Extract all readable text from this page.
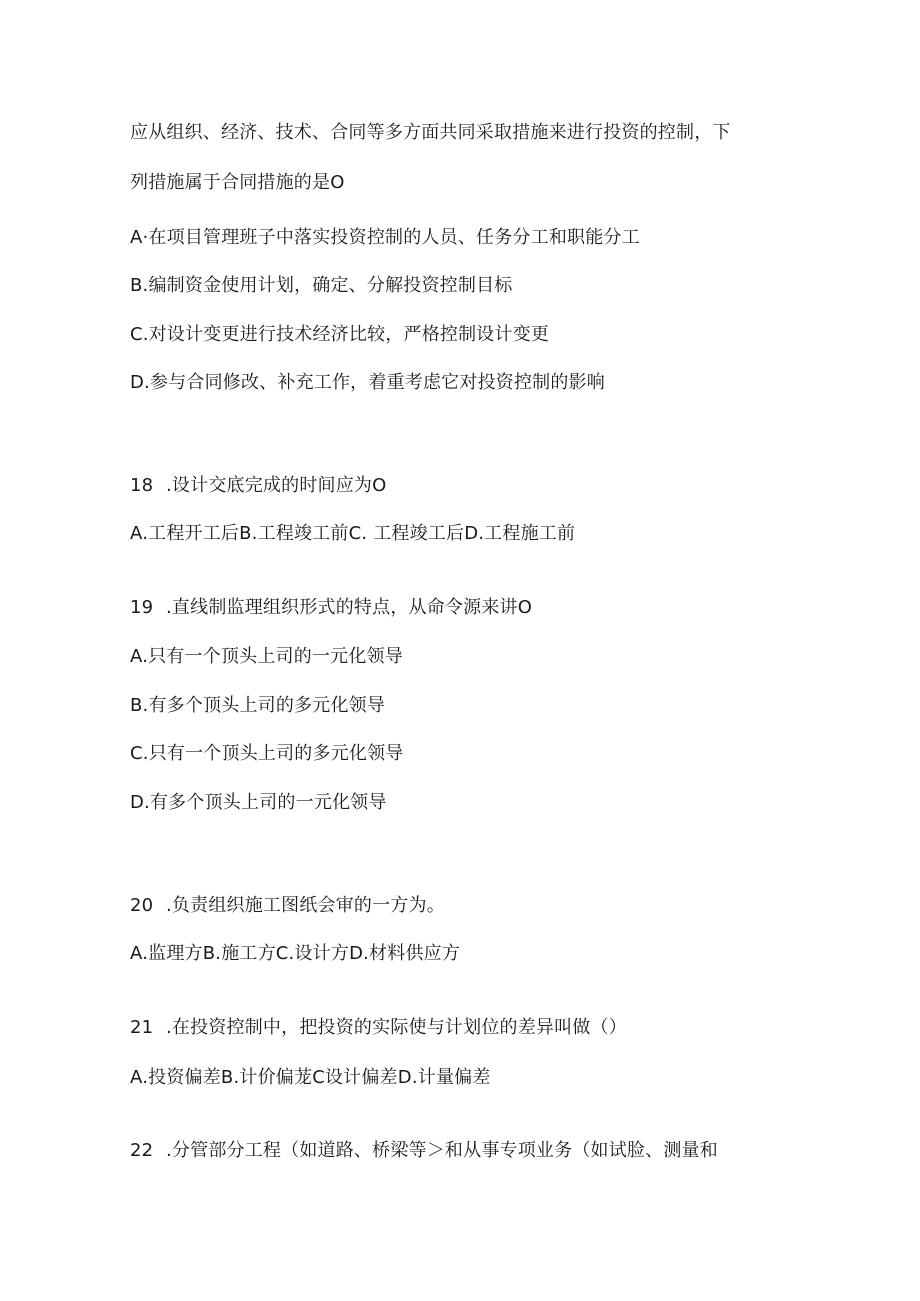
应从组织、经济、技术、合同等多方面共同采取措施来进行投资的控制，下
列措施属于合同措施的是O
A·在项目管理班子中落实投资控制的人员、任务分工和职能分工
B.编制资金使用计划，确定、分解投资控制目标
C.对设计变更进行技术经济比较，严格控制设计变更
D.参与合同修改、补充工作，着重考虑它对投资控制的影响
18 .设计交底完成的时间应为O
A.工程开工后B.工程竣工前C. 工程竣工后D.工程施工前
19 .直线制监理组织形式的特点，从命令源来讲O
A.只有一个顶头上司的一元化领导
B.有多个顶头上司的多元化领导
C.只有一个顶头上司的多元化领导
D.有多个顶头上司的一元化领导
20 .负责组织施工图纸会审的一方为。
A.监理方B.施工方C.设计方D.材料供应方
21 .在投资控制中，把投资的实际使与计划位的差异叫做（）
A.投资偏差B.计价偏茏C设计偏差D.计量偏差
22 .分管部分工程（如道路、桥梁等＞和从事专项业务（如试脸、测量和
